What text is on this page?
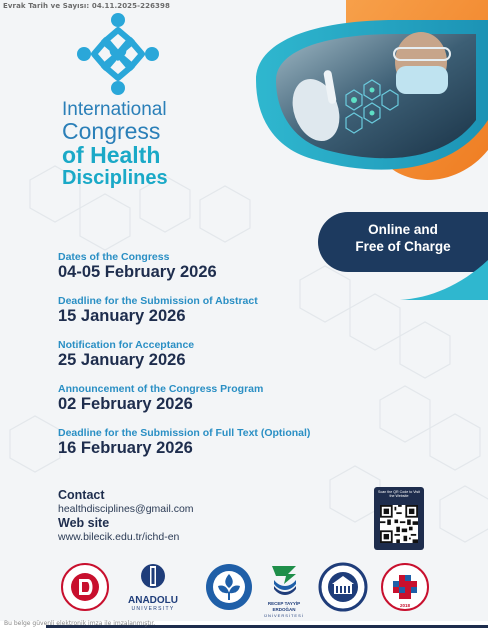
Evrak Tarih ve Sayısı: 04.11.2025-226398
International
Congress
of Health
Disciplines
Online and
Free of Charge
Dates of the Congress
04-05 February 2026
Deadline for the Submission of Abstract
15 January 2026
Notification for Acceptance
25 January 2026
Announcement of the Congress Program
02 February 2026
Deadline for the Submission of Full Text (Optional)
16 February 2026
Contact
healthdisciplines@gmail.com
Web site
www.bilecik.edu.tr/ichd-en
Scan the QR Code to Visit the Website
ANADOLU
UNIVERSITY
RECEP TAYYİP ERDOĞAN
ÜNİVERSİTESİ
2018
Bu belge güvenli elektronik imza ile imzalanmıştır.
